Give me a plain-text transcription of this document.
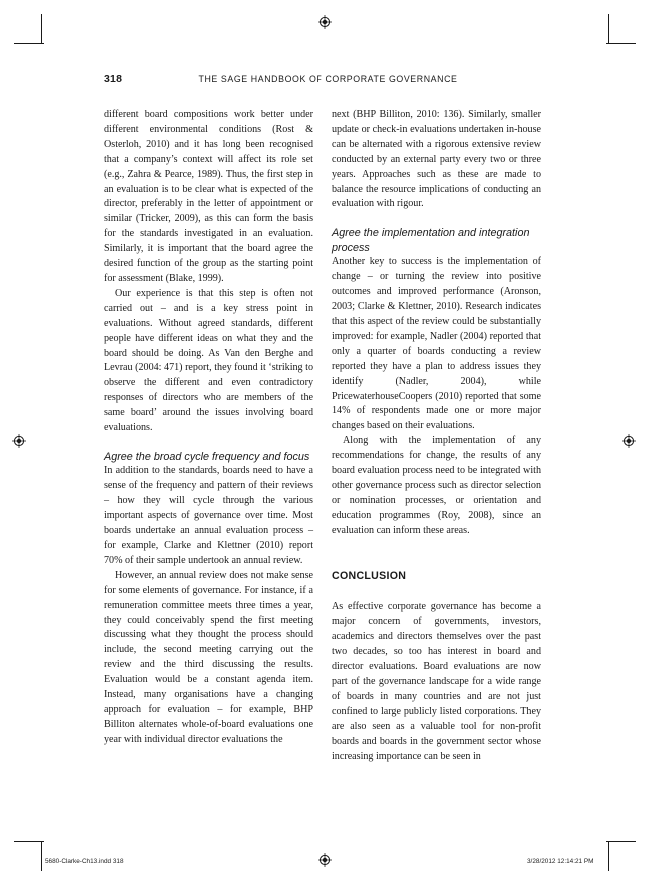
318	THE SAGE HANDBOOK OF CORPORATE GOVERNANCE

different board compositions work better under different environmental conditions (Rost & Osterloh, 2010) and it has long been recognised that a company’s context will affect its role set (e.g., Zahra & Pearce, 1989). Thus, the first step in an evaluation is to be clear what is expected of the director, preferably in the letter of appointment or similar (Tricker, 2009), as this can form the basis for the standards investigated in an evaluation. Similarly, it is important that the board agree the desired function of the group as the starting point for assessment (Blake, 1999).

Our experience is that this step is often not carried out – and is a key stress point in evaluations. Without agreed standards, different people have different ideas on what they and the board should be doing. As Van den Berghe and Levrau (2004: 471) report, they found it ‘striking to observe the different and even contradictory responses of directors who are members of the same board’ around the issues involving board evaluations.

Agree the broad cycle frequency and focus

In addition to the standards, boards need to have a sense of the frequency and pattern of their reviews – how they will cycle through the various important aspects of governance over time. Most boards undertake an annual evaluation process – for example, Clarke and Klettner (2010) report 70% of their sample undertook an annual review.

However, an annual review does not make sense for some elements of governance. For instance, if a remuneration committee meets three times a year, they could conceivably spend the first meeting discussing what they thought the process should include, the second meeting carrying out the review and the third discussing the results. Evaluation would be a constant agenda item. Instead, many organisations have a changing approach for evaluation – for example, BHP Billiton alternates whole-of-board evaluations one year with individual director evaluations the

next (BHP Billiton, 2010: 136). Similarly, smaller update or check-in evaluations undertaken in-house can be alternated with a rigorous extensive review conducted by an external party every two or three years. Approaches such as these are made to balance the resource implications of conducting an evaluation with rigour.

Agree the implementation and integration process

Another key to success is the implementation of change – or turning the review into positive outcomes and improved performance (Aronson, 2003; Clarke & Klettner, 2010). Research indicates that this aspect of the review could be substantially improved: for example, Nadler (2004) reported that only a quarter of boards conducting a review reported they have a plan to address issues they identify (Nadler, 2004), while PricewaterhouseCoopers (2010) reported that some 14% of respondents made one or more major changes based on their evaluations.

Along with the implementation of any recommendations for change, the results of any board evaluation process need to be integrated with other governance process such as director selection or nomination processes, or orientation and education programmes (Roy, 2008), since an evaluation can inform these areas.

CONCLUSION

As effective corporate governance has become a major concern of governments, investors, academics and directors themselves over the past two decades, so too has interest in board and director evaluations. Board evaluations are now part of the governance landscape for a wide range of boards in many countries and are not just confined to large publicly listed corporations. They are also seen as a valuable tool for non-profit boards and boards in the government sector whose increasing importance can be seen in

5680-Clarke-Ch13.indd 318	3/28/2012 12:14:21 PM
